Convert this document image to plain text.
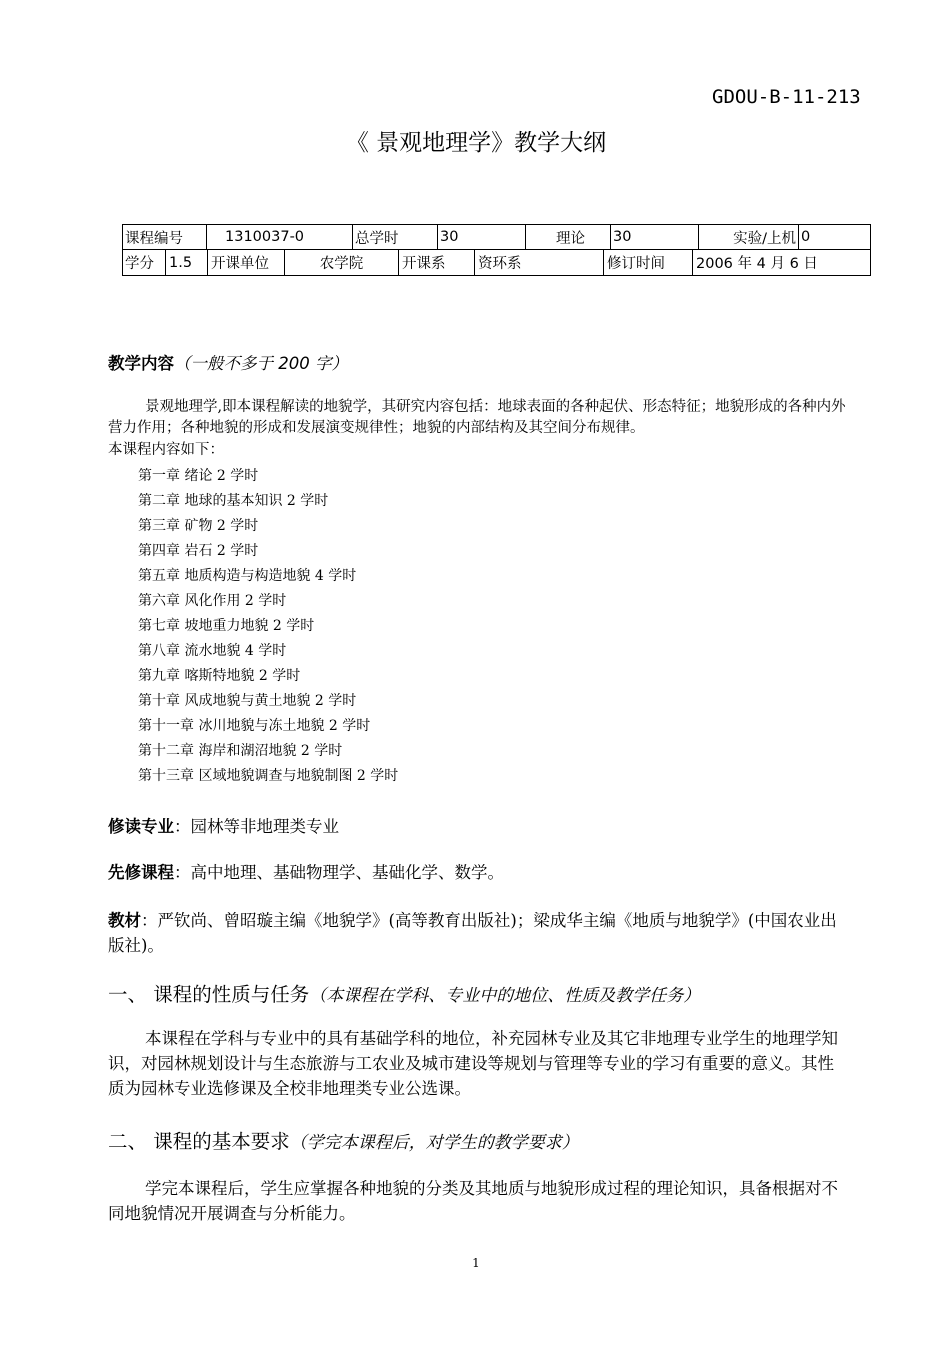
GDOU-B-11-213
《 景观地理学》教学大纲
课程编号	1310037-0	总学时	30	理论	30	实验/上机	0

学分	1.5	开课单位	农学院	开课系	资环系	修订时间	2006 年 4 月 6 日
教学内容（一般不多于 200 字）
景观地理学,即本课程解读的地貌学，其研究内容包括：地球表面的各种起伏、形态特征；地貌形成的各种内外营力作用；各种地貌的形成和发展演变规律性；地貌的内部结构及其空间分布规律。
本课程内容如下：
第一章 绪论 2 学时
第二章 地球的基本知识 2 学时
第三章 矿物 2 学时
第四章 岩石 2 学时
第五章 地质构造与构造地貌 4 学时
第六章 风化作用 2 学时
第七章 坡地重力地貌 2 学时
第八章 流水地貌 4 学时
第九章 喀斯特地貌 2 学时
第十章 风成地貌与黄土地貌 2 学时
第十一章 冰川地貌与冻土地貌 2 学时
第十二章 海岸和湖沼地貌 2 学时
第十三章 区域地貌调查与地貌制图 2 学时
修读专业：园林等非地理类专业
先修课程：高中地理、基础物理学、基础化学、数学。
教材：严钦尚、曾昭璇主编《地貌学》(高等教育出版社)；梁成华主编《地质与地貌学》(中国农业出版社)。
一、 课程的性质与任务（本课程在学科、专业中的地位、性质及教学任务）
本课程在学科与专业中的具有基础学科的地位，补充园林专业及其它非地理专业学生的地理学知识，对园林规划设计与生态旅游与工农业及城市建设等规划与管理等专业的学习有重要的意义。其性质为园林专业选修课及全校非地理类专业公选课。
二、 课程的基本要求（学完本课程后，对学生的教学要求）
学完本课程后，学生应掌握各种地貌的分类及其地质与地貌形成过程的理论知识，具备根据对不同地貌情况开展调查与分析能力。
1
